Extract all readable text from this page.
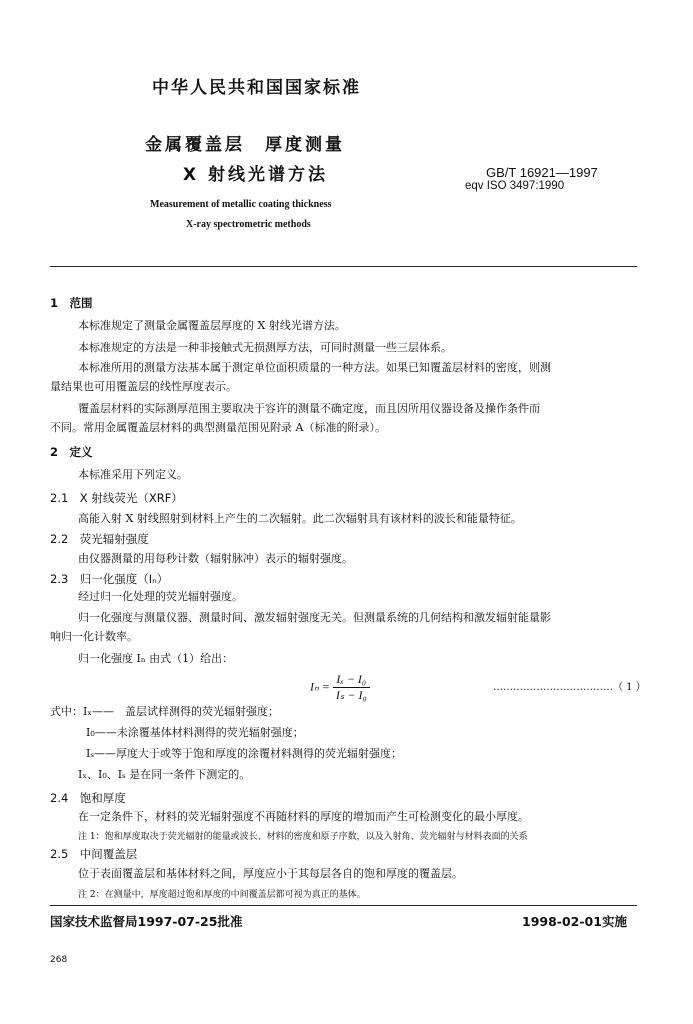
中华人民共和国国家标准
金属覆盖层　厚度测量
X 射线光谱方法	GB/T 16921—1997
eqv ISO 3497:1990
Measurement of metallic coating thickness
X-ray spectrometric methods
1　范围
本标准规定了测量金属覆盖层厚度的 X 射线光谱方法。
本标准规定的方法是一种非接触式无损测厚方法，可同时测量一些三层体系。
本标准所用的测量方法基本属于测定单位面积质量的一种方法。如果已知覆盖层材料的密度，则测
量结果也可用覆盖层的线性厚度表示。
覆盖层材料的实际测厚范围主要取决于容许的测量不确定度，而且因所用仪器设备及操作条件而
不同。常用金属覆盖层材料的典型测量范围见附录 A（标准的附录）。
2　定义
本标准采用下列定义。
2.1　X 射线荧光（XRF）
高能入射 X 射线照射到材料上产生的二次辐射。此二次辐射具有该材料的波长和能量特征。
2.2　荧光辐射强度
由仪器测量的用每秒计数（辐射脉冲）表示的辐射强度。
2.3　归一化强度（Iₙ）
经过归一化处理的荧光辐射强度。
归一化强度与测量仪器、测量时间、激发辐射强度无关。但测量系统的几何结构和激发辐射能量影
响归一化计数率。
归一化强度 Iₙ 由式（1）给出：
$I_n = \frac{\text{Iₓ − I₀}}{\text{Iₛ − I₀}}$	………………………………（ 1 ）
式中：Iₓ——　盖层试样测得的荧光辐射强度；
I₀——未涂覆基体材料测得的荧光辐射强度；
Iₛ——厚度大于或等于饱和厚度的涂覆材料测得的荧光辐射强度；
Iₓ、I₀、Iₛ 是在同一条件下测定的。
2.4　饱和厚度
在一定条件下，材料的荧光辐射强度不再随材料的厚度的增加而产生可检测变化的最小厚度。
注 1：饱和厚度取决于荧光辐射的能量或波长、材料的密度和原子序数，以及入射角、荧光辐射与材料表面的关系
2.5　中间覆盖层
位于表面覆盖层和基体材料之间，厚度应小于其每层各自的饱和厚度的覆盖层。
注 2：在测量中，厚度超过饱和厚度的中间覆盖层都可视为真正的基体。
国家技术监督局1997-07-25批准	1998-02-01实施
268
